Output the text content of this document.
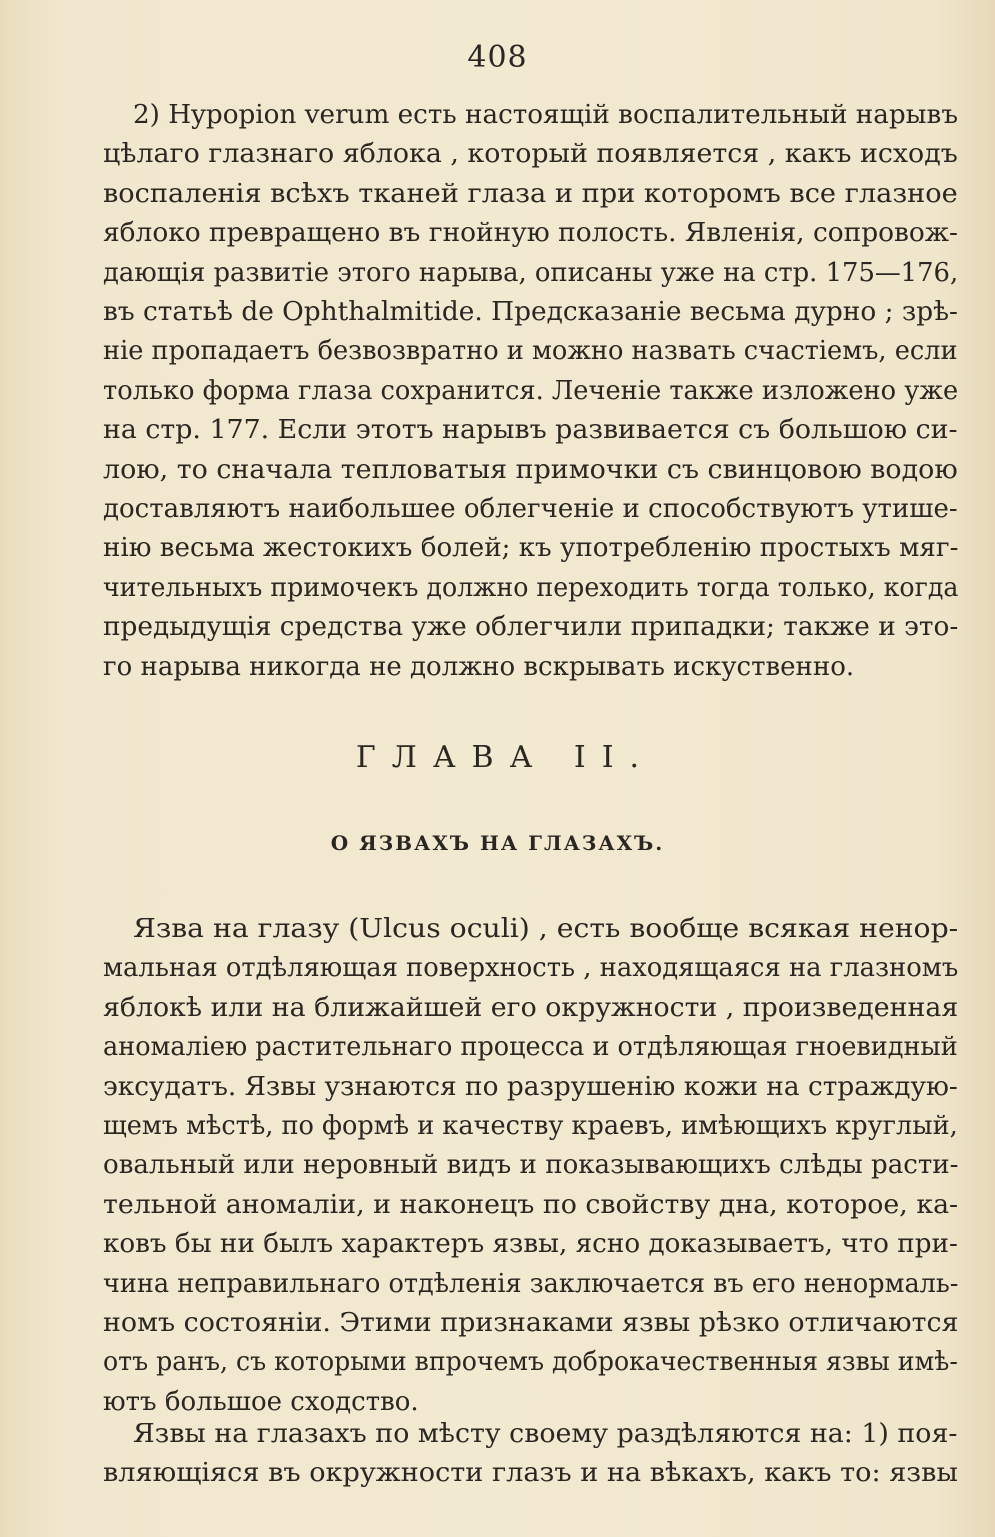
408
2) Hypopion verum есть настоящій воспалительный нарывъ
цѣлаго глазнаго яблока , который появляется , какъ исходъ
воспаленія всѣхъ тканей глаза и при которомъ все глазное
яблоко превращено въ гнойную полость. Явленія, сопровож-
дающія развитіе этого нарыва, описаны уже на стр. 175—176,
въ статьѣ de Ophthalmitide. Предсказаніе весьма дурно ; зрѣ-
ніе пропадаетъ безвозвратно и можно назвать счастіемъ, если
только форма глаза сохранится. Леченіе также изложено уже
на стр. 177. Если этотъ нарывъ развивается съ большою си-
лою, то сначала тепловатыя примочки съ свинцовою водою
доставляютъ наибольшее облегченіе и способствуютъ утише-
нію весьма жестокихъ болей; къ употребленію простыхъ мяг-
чительныхъ примочекъ должно переходить тогда только, когда
предыдущія средства уже облегчили припадки; также и это-
го нарыва никогда не должно вскрывать искуственно.
Язва на глазу (Ulcus oculi) , есть вообще всякая ненор-
мальная отдѣляющая поверхность , находящаяся на глазномъ
яблокѣ или на ближайшей его окружности , произведенная
аномаліею растительнаго процесса и отдѣляющая гноевидный
эксудатъ. Язвы узнаются по разрушенію кожи на страждую-
щемъ мѣстѣ, по формѣ и качеству краевъ, имѣющихъ круглый,
овальный или неровный видъ и показывающихъ слѣды расти-
тельной аномаліи, и наконецъ по свойству дна, которое, ка-
ковъ бы ни былъ характеръ язвы, ясно доказываетъ, что при-
чина неправильнаго отдѣленія заключается въ его ненормаль-
номъ состояніи. Этими признаками язвы рѣзко отличаются
отъ ранъ, съ которыми впрочемъ доброкачественныя язвы имѣ-
ютъ большое сходство.
Язвы на глазахъ по мѣсту своему раздѣляются на: 1) поя-
вляющіяся въ окружности глазъ и на вѣкахъ, какъ то: язвы
ГЛАВА II.
О ЯЗВАХЪ НА ГЛАЗАХЪ.
